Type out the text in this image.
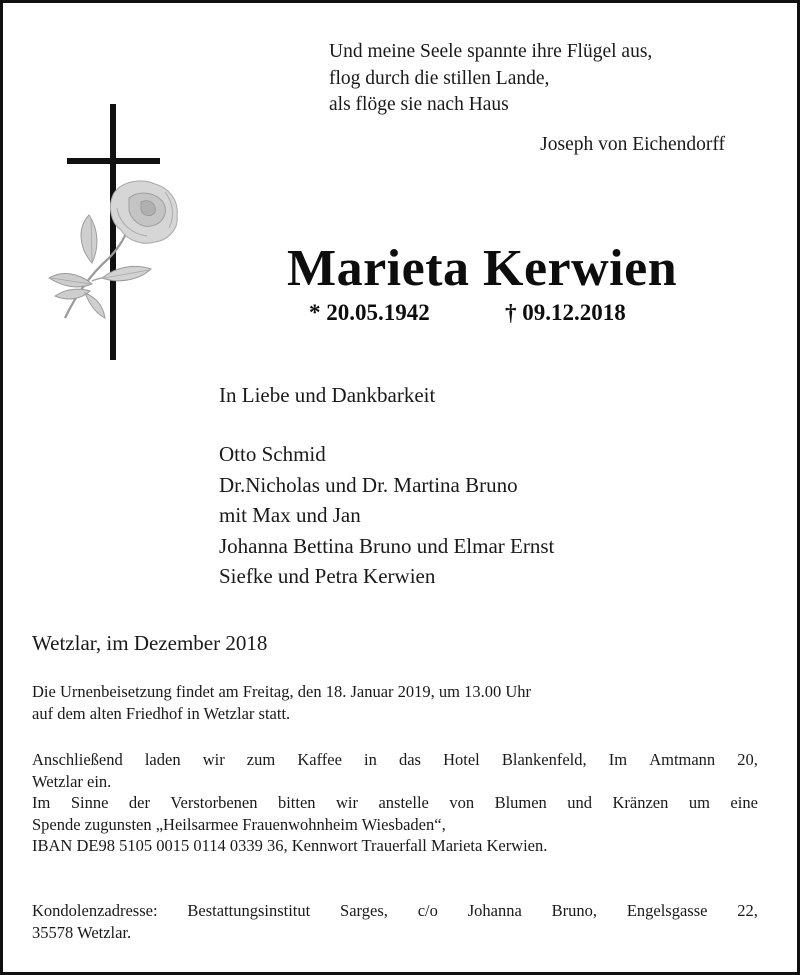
Und meine Seele spannte ihre Flügel aus,
flog durch die stillen Lande,
als flöge sie nach Haus
Joseph von Eichendorff
Marieta Kerwien
* 20.05.1942	† 09.12.2018
In Liebe und Dankbarkeit
Otto Schmid
Dr.Nicholas und Dr. Martina Bruno
mit Max und Jan
Johanna Bettina Bruno und Elmar Ernst
Siefke und Petra Kerwien
Wetzlar, im Dezember 2018
Die Urnenbeisetzung findet am Freitag, den 18. Januar 2019, um 13.00 Uhr
auf dem alten Friedhof in Wetzlar statt.
Anschließend laden wir zum Kaffee in das Hotel Blankenfeld, Im Amtmann 20,
Wetzlar ein.
Im Sinne der Verstorbenen bitten wir anstelle von Blumen und Kränzen um eine
Spende zugunsten „Heilsarmee Frauenwohnheim Wiesbaden“,
IBAN DE98 5105 0015 0114 0339 36, Kennwort Trauerfall Marieta Kerwien.
Kondolenzadresse: Bestattungsinstitut Sarges, c/o Johanna Bruno, Engelsgasse 22,
35578 Wetzlar.
